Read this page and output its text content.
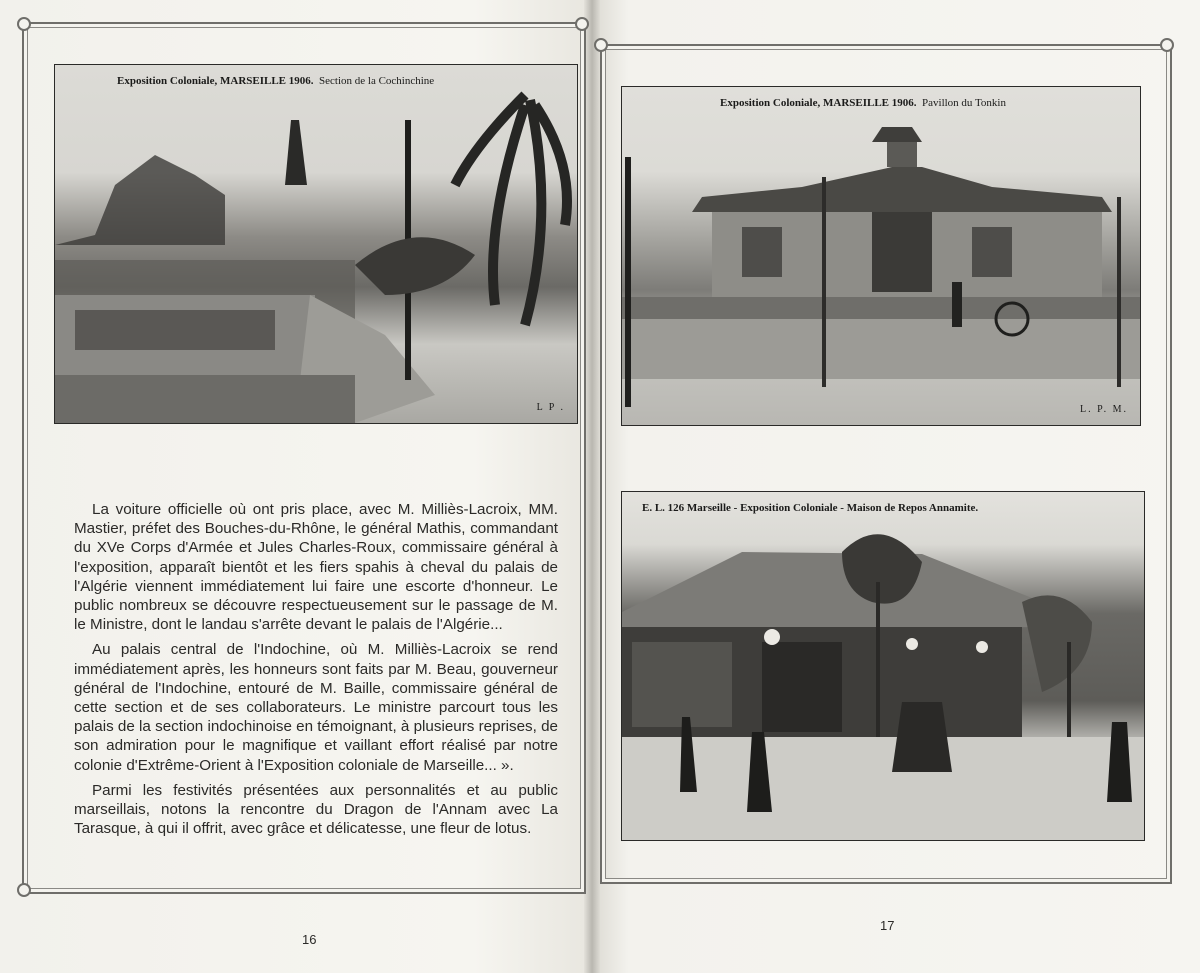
Exposition Coloniale, MARSEILLE 1906. Section de la Cochinchine
L P .

La voiture officielle où ont pris place, avec M. Milliès-Lacroix, MM. Mastier, préfet des Bouches-du-Rhône, le général Mathis, commandant du XVe Corps d'Armée et Jules Charles-Roux, commissaire général à l'exposition, apparaît bientôt et les fiers spahis à cheval du palais de l'Algérie viennent immédiatement lui faire une escorte d'honneur. Le public nombreux se découvre respectueusement sur le passage de M. le Ministre, dont le landau s'arrête devant le palais de l'Algérie...

Au palais central de l'Indochine, où M. Milliès-Lacroix se rend immédiatement après, les honneurs sont faits par M. Beau, gouverneur général de l'Indochine, entouré de M. Baille, commissaire général de cette section et de ses collaborateurs. Le ministre parcourt tous les palais de la section indochinoise en témoignant, à plusieurs reprises, de son admiration pour le magnifique et vaillant effort réalisé par notre colonie d'Extrême-Orient à l'Exposition coloniale de Marseille... ».

Parmi les festivités présentées aux personnalités et au public marseillais, notons la rencontre du Dragon de l'Annam avec La Tarasque, à qui il offrit, avec grâce et délicatesse, une fleur de lotus.

16
Exposition Coloniale, MARSEILLE 1906. Pavillon du Tonkin
L. P. M.
E. L. 126 Marseille - Exposition Coloniale - Maison de Repos Annamite.
17
